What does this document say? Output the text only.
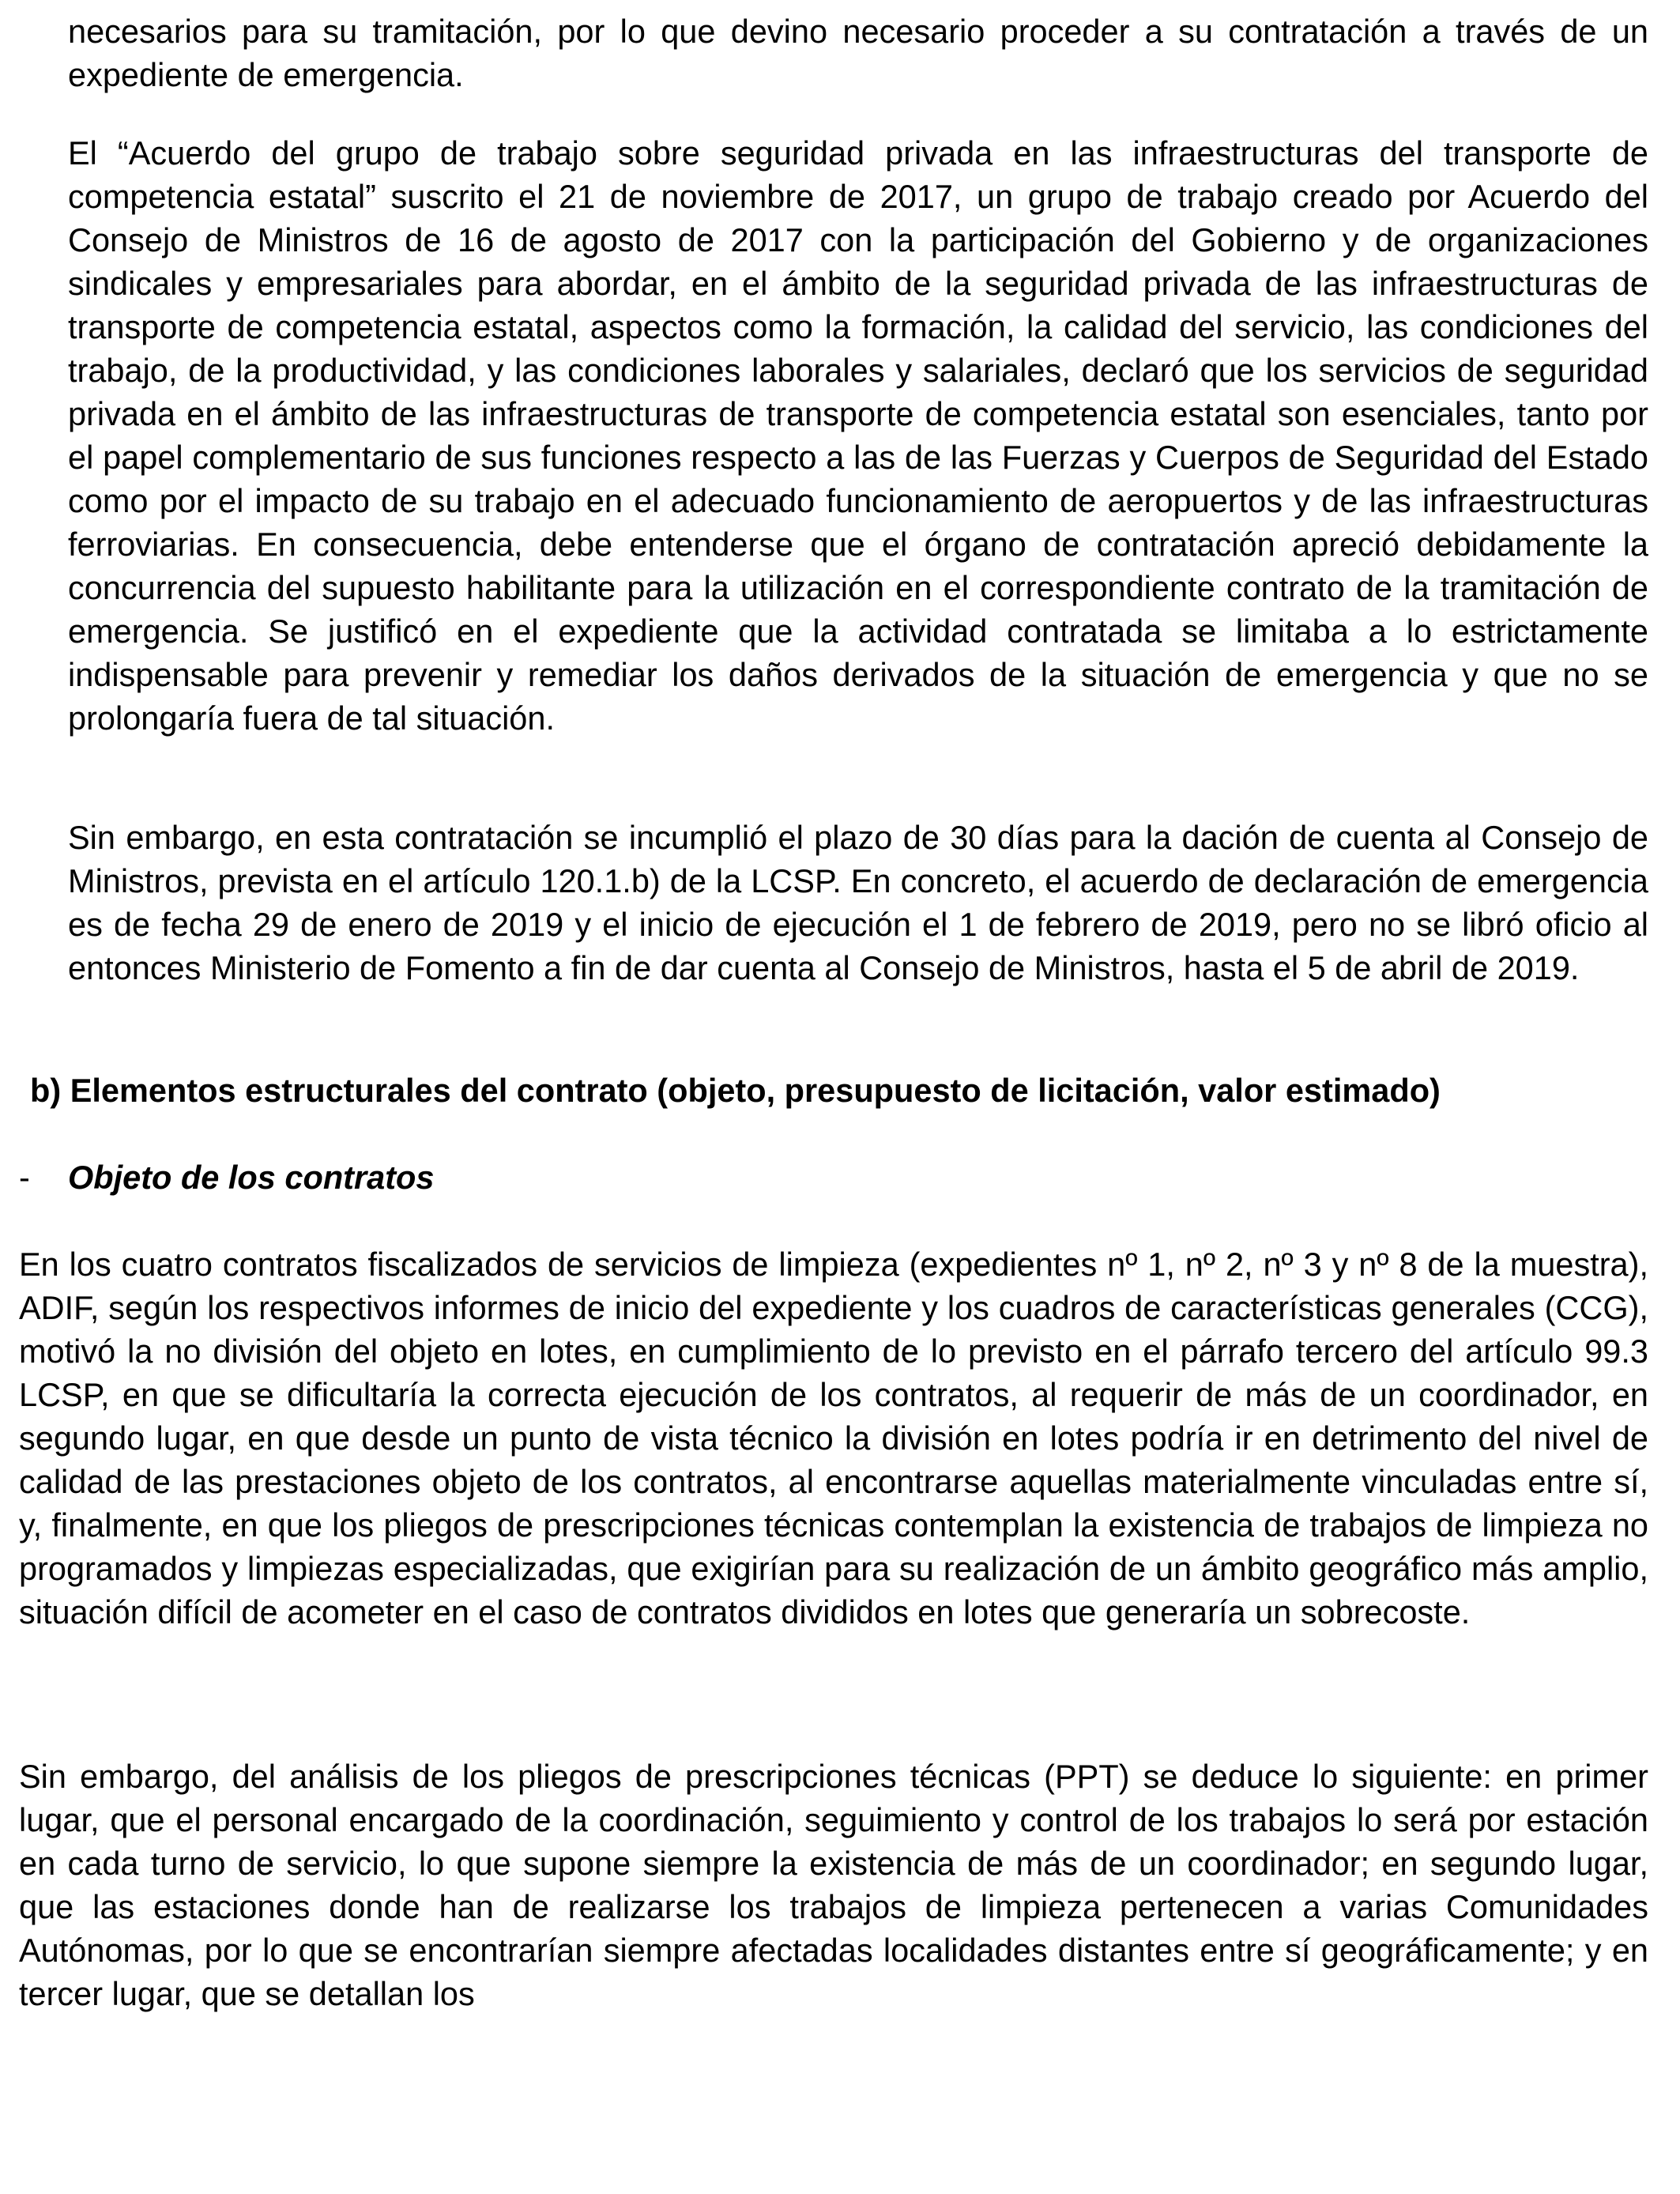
necesarios para su tramitación, por lo que devino necesario proceder a su contratación a través de un expediente de emergencia.

El “Acuerdo del grupo de trabajo sobre seguridad privada en las infraestructuras del transporte de competencia estatal” suscrito el 21 de noviembre de 2017, un grupo de trabajo creado por Acuerdo del Consejo de Ministros de 16 de agosto de 2017 con la participación del Gobierno y de organizaciones sindicales y empresariales para abordar, en el ámbito de la seguridad privada de las infraestructuras de transporte de competencia estatal, aspectos como la formación, la calidad del servicio, las condiciones del trabajo, de la productividad, y las condiciones laborales y salariales, declaró que los servicios de seguridad privada en el ámbito de las infraestructuras de transporte de competencia estatal son esenciales, tanto por el papel complementario de sus funciones respecto a las de las Fuerzas y Cuerpos de Seguridad del Estado como por el impacto de su trabajo en el adecuado funcionamiento de aeropuertos y de las infraestructuras ferroviarias. En consecuencia, debe entenderse que el órgano de contratación apreció debidamente la concurrencia del supuesto habilitante para la utilización en el correspondiente contrato de la tramitación de emergencia. Se justificó en el expediente que la actividad contratada se limitaba a lo estrictamente indispensable para prevenir y remediar los daños derivados de la situación de emergencia y que no se prolongaría fuera de tal situación.

Sin embargo, en esta contratación se incumplió el plazo de 30 días para la dación de cuenta al Consejo de Ministros, prevista en el artículo 120.1.b) de la LCSP. En concreto, el acuerdo de declaración de emergencia es de fecha 29 de enero de 2019 y el inicio de ejecución el 1 de febrero de 2019, pero no se libró oficio al entonces Ministerio de Fomento a fin de dar cuenta al Consejo de Ministros, hasta el 5 de abril de 2019.

b) Elementos estructurales del contrato (objeto, presupuesto de licitación, valor estimado)

- Objeto de los contratos

En los cuatro contratos fiscalizados de servicios de limpieza (expedientes nº 1, nº 2, nº 3 y nº 8 de la muestra), ADIF, según los respectivos informes de inicio del expediente y los cuadros de características generales (CCG), motivó la no división del objeto en lotes, en cumplimiento de lo previsto en el párrafo tercero del artículo 99.3 LCSP, en que se dificultaría la correcta ejecución de los contratos, al requerir de más de un coordinador, en segundo lugar, en que desde un punto de vista técnico la división en lotes podría ir en detrimento del nivel de calidad de las prestaciones objeto de los contratos, al encontrarse aquellas materialmente vinculadas entre sí, y, finalmente, en que los pliegos de prescripciones técnicas contemplan la existencia de trabajos de limpieza no programados y limpiezas especializadas, que exigirían para su realización de un ámbito geográfico más amplio, situación difícil de acometer en el caso de contratos divididos en lotes que generaría un sobrecoste.

Sin embargo, del análisis de los pliegos de prescripciones técnicas (PPT) se deduce lo siguiente: en primer lugar, que el personal encargado de la coordinación, seguimiento y control de los trabajos lo será por estación en cada turno de servicio, lo que supone siempre la existencia de más de un coordinador; en segundo lugar, que las estaciones donde han de realizarse los trabajos de limpieza pertenecen a varias Comunidades Autónomas, por lo que se encontrarían siempre afectadas localidades distantes entre sí geográficamente; y en tercer lugar, que se detallan los
